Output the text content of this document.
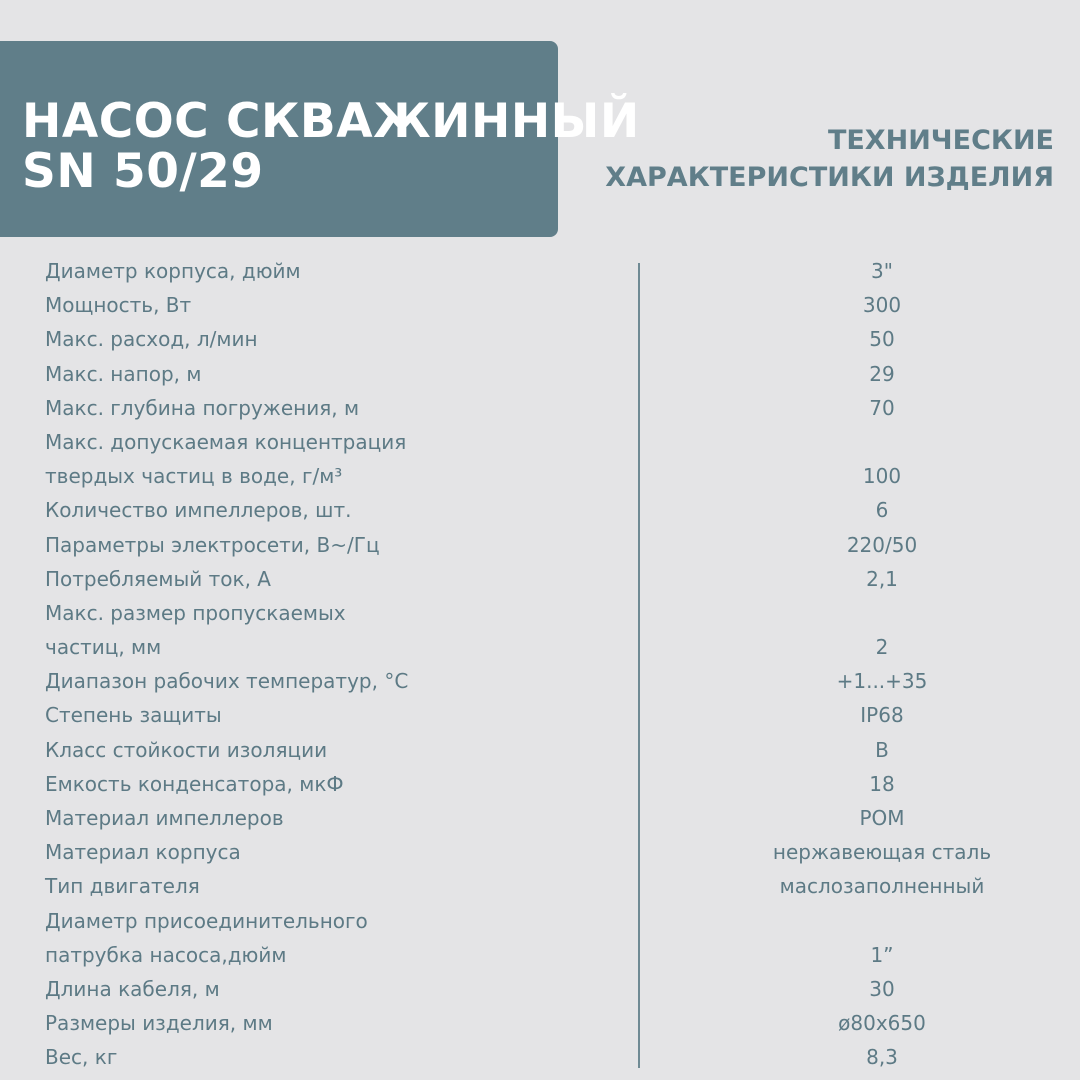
НАСОС СКВАЖИННЫЙ
SN 50/29
ТЕХНИЧЕСКИЕ
ХАРАКТЕРИСТИКИ ИЗДЕЛИЯ
Диаметр корпуса, дюйм	3"
Мощность, Вт	300
Макс. расход, л/мин	50
Макс. напор, м	29
Макс. глубина погружения, м	70
Макс. допускаемая концентрация
твердых частиц в воде, г/м³	100
Количество импеллеров, шт.	6
Параметры электросети, В~/Гц	220/50
Потребляемый ток, А	2,1
Макс. размер пропускаемых
частиц, мм	2
Диапазон рабочих температур, °С	+1...+35
Степень защиты	IP68
Класс стойкости изоляции	B
Емкость конденсатора, мкФ	18
Материал импеллеров	POM
Материал корпуса	нержавеющая сталь
Тип двигателя	маслозаполненный
Диаметр присоединительного
патрубка насоса,дюйм	1”
Длина кабеля, м	30
Размеры изделия, мм	ø80x650
Вес, кг	8,3
